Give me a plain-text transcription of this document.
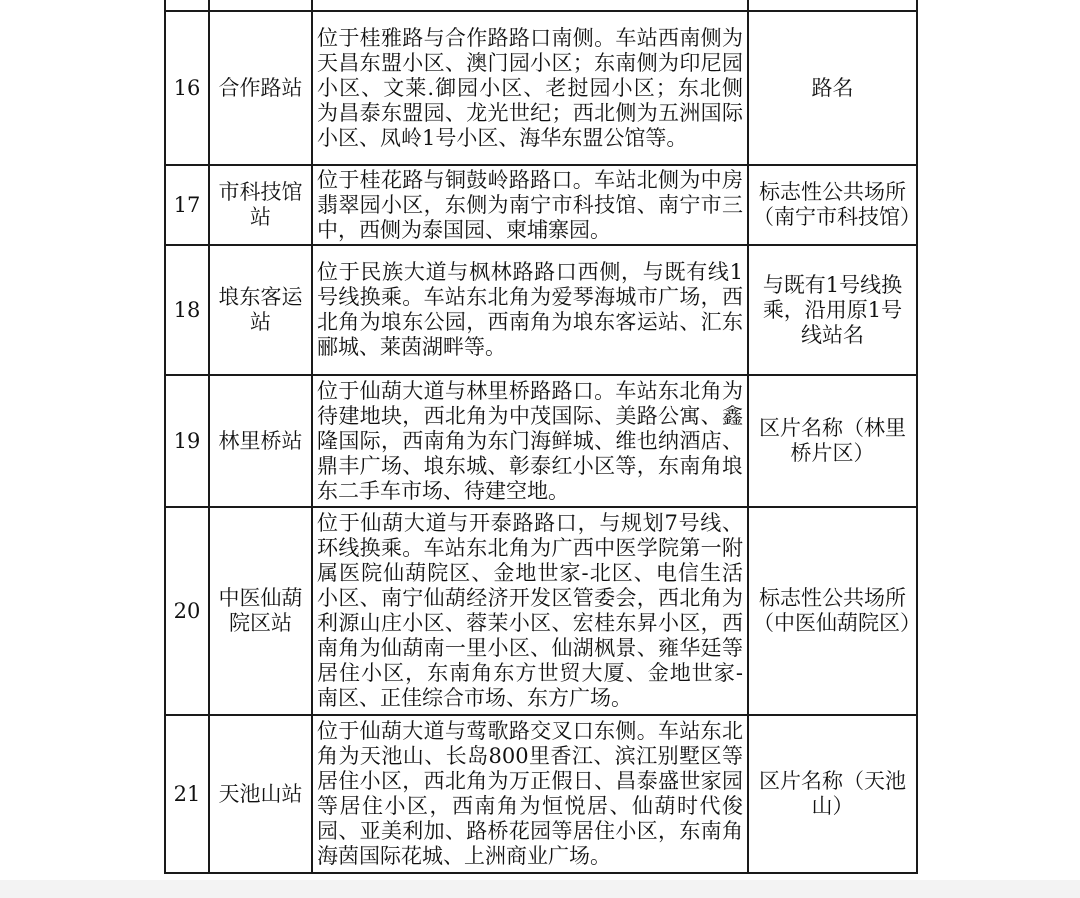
16	合作路站	位于桂雅路与合作路路口南侧。车站西南侧为天昌东盟小区、澳门园小区；东南侧为印尼园小区、文莱.御园小区、老挝园小区；东北侧为昌泰东盟园、龙光世纪；西北侧为五洲国际小区、凤岭1号小区、海华东盟公馆等。	路名
17	市科技馆站	位于桂花路与铜鼓岭路路口。车站北侧为中房翡翠园小区，东侧为南宁市科技馆、南宁市三中，西侧为泰国园、柬埔寨园。	标志性公共场所（南宁市科技馆）
18	埌东客运站	位于民族大道与枫林路路口西侧，与既有线1号线换乘。车站东北角为爱琴海城市广场，西北角为埌东公园，西南角为埌东客运站、汇东郦城、莱茵湖畔等。	与既有1号线换乘，沿用原1号线站名
19	林里桥站	位于仙葫大道与林里桥路路口。车站东北角为待建地块，西北角为中茂国际、美路公寓、鑫隆国际，西南角为东门海鲜城、维也纳酒店、鼎丰广场、埌东城、彰泰红小区等，东南角埌东二手车市场、待建空地。	区片名称（林里桥片区）
20	中医仙葫院区站	位于仙葫大道与开泰路路口，与规划7号线、环线换乘。车站东北角为广西中医学院第一附属医院仙葫院区、金地世家-北区、电信生活小区、南宁仙葫经济开发区管委会，西北角为利源山庄小区、蓉茉小区、宏桂东昇小区，西南角为仙葫南一里小区、仙湖枫景、雍华廷等居住小区，东南角东方世贸大厦、金地世家-南区、正佳综合市场、东方广场。	标志性公共场所（中医仙葫院区）
21	天池山站	位于仙葫大道与莺歌路交叉口东侧。车站东北角为天池山、长岛800里香江、滨江别墅区等居住小区，西北角为万正假日、昌泰盛世家园等居住小区，西南角为恒悦居、仙葫时代俊园、亚美利加、路桥花园等居住小区，东南角海茵国际花城、上洲商业广场。	区片名称（天池山）
